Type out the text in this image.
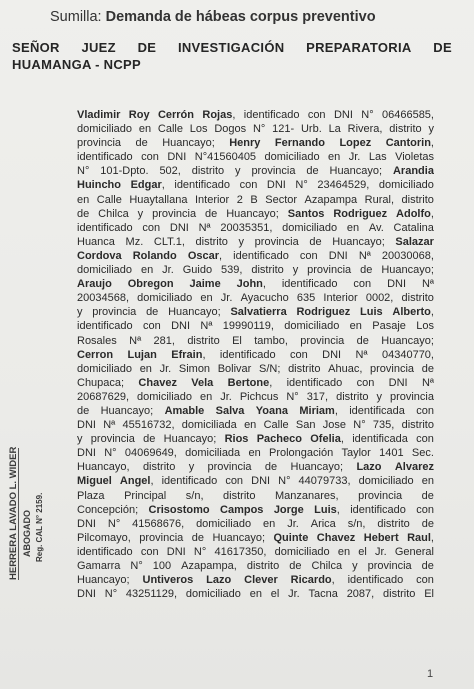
Sumilla: Demanda de hábeas corpus preventivo
SEÑOR JUEZ DE INVESTIGACIÓN PREPARATORIA DE
HUAMANGA - NCPP
Vladimir Roy Cerrón Rojas, identificado con DNI N° 06466585,
domiciliado en Calle Los Dogos N° 121- Urb. La Rivera, distrito y
provincia de Huancayo; Henry Fernando Lopez Cantorin,
identificado con DNI N°41560405 domiciliado en Jr. Las Violetas
N° 101-Dpto. 502, distrito y provincia de Huancayo; Arandia
Huincho Edgar, identificado con DNI N° 23464529, domiciliado
en Calle Huaytallana Interior 2 B Sector Azapampa Rural, distrito
de Chilca y provincia de Huancayo; Santos Rodriguez Adolfo,
identificado con DNI Nª 20035351, domiciliado en Av. Catalina
Huanca Mz. CLT.1, distrito y provincia de Huancayo; Salazar
Cordova Rolando Oscar, identificado con DNI Nª 20030068,
domiciliado en Jr. Guido 539, distrito y provincia de Huancayo;
Araujo Obregon Jaime John, identificado con DNI Nª
20034568, domiciliado en Jr. Ayacucho 635 Interior 0002, distrito
y provincia de Huancayo; Salvatierra Rodriguez Luis Alberto,
identificado con DNI Nª 19990119, domiciliado en Pasaje Los
Rosales Nª 281, distrito El tambo, provincia de Huancayo;
Cerron Lujan Efrain, identificado con DNI Nª 04340770,
domiciliado en Jr. Simon Bolivar S/N; distrito Ahuac, provincia de
Chupaca; Chavez Vela Bertone, identificado con DNI Nª
20687629, domiciliado en Jr. Pichcus N° 317, distrito y provincia
de Huancayo; Amable Salva Yoana Miriam, identificada con
DNI Nª 45516732, domiciliada en Calle San Jose N° 735, distrito
y provincia de Huancayo; Rios Pacheco Ofelia, identificada con
DNI N° 04069649, domiciliada en Prolongación Taylor 1401 Sec.
Huancayo, distrito y provincia de Huancayo; Lazo Alvarez
Miguel Angel, identificado con DNI N° 44079733, domiciliado en
Plaza Principal s/n, distrito Manzanares, provincia de
Concepción; Crisostomo Campos Jorge Luis, identificado con
DNI N° 41568676, domiciliado en Jr. Arica s/n, distrito de
Pilcomayo, provincia de Huancayo; Quinte Chavez Hebert Raul,
identificado con DNI N° 41617350, domiciliado en el Jr. General
Gamarra N° 100 Azapampa, distrito de Chilca y provincia de
Huancayo; Untiveros Lazo Clever Ricardo, identificado con
DNI N° 43251129, domiciliado en el Jr. Tacna 2087, distrito El
HERRERA LAVADO L. WIDER ABOGADO Reg. CAL N° 2159.
1
